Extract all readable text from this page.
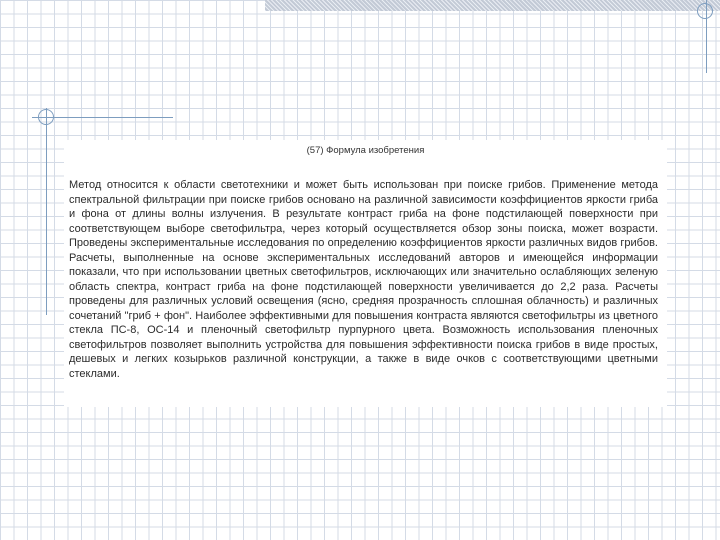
(57) Формула изобретения

Метод относится к области светотехники и может быть использован при поиске грибов. Применение метода спектральной фильтрации при поиске грибов основано на различной зависимости коэффициентов яркости гриба и фона от длины волны излучения. В результате контраст гриба на фоне подстилающей поверхности при соответствующем выборе светофильтра, через который осуществляется обзор зоны поиска, может возрасти. Проведены экспериментальные исследования по определению коэффициентов яркости различных видов грибов. Расчеты, выполненные на основе экспериментальных исследований авторов и имеющейся информации показали, что при использовании цветных светофильтров, исключающих или значительно ослабляющих зеленую область спектра, контраст гриба на фоне подстилающей поверхности увеличивается до 2,2 раза. Расчеты проведены для различных условий освещения (ясно, средняя прозрачность сплошная облачность) и различных сочетаний "гриб + фон". Наиболее эффективными для повышения контраста являются светофильтры из цветного стекла ПС-8, ОС-14 и пленочный светофильтр пурпурного цвета. Возможность использования пленочных светофильтров позволяет выполнить устройства для повышения эффективности поиска грибов в виде простых, дешевых и легких козырьков различной конструкции, а также в виде очков с соответствующими цветными стеклами.
